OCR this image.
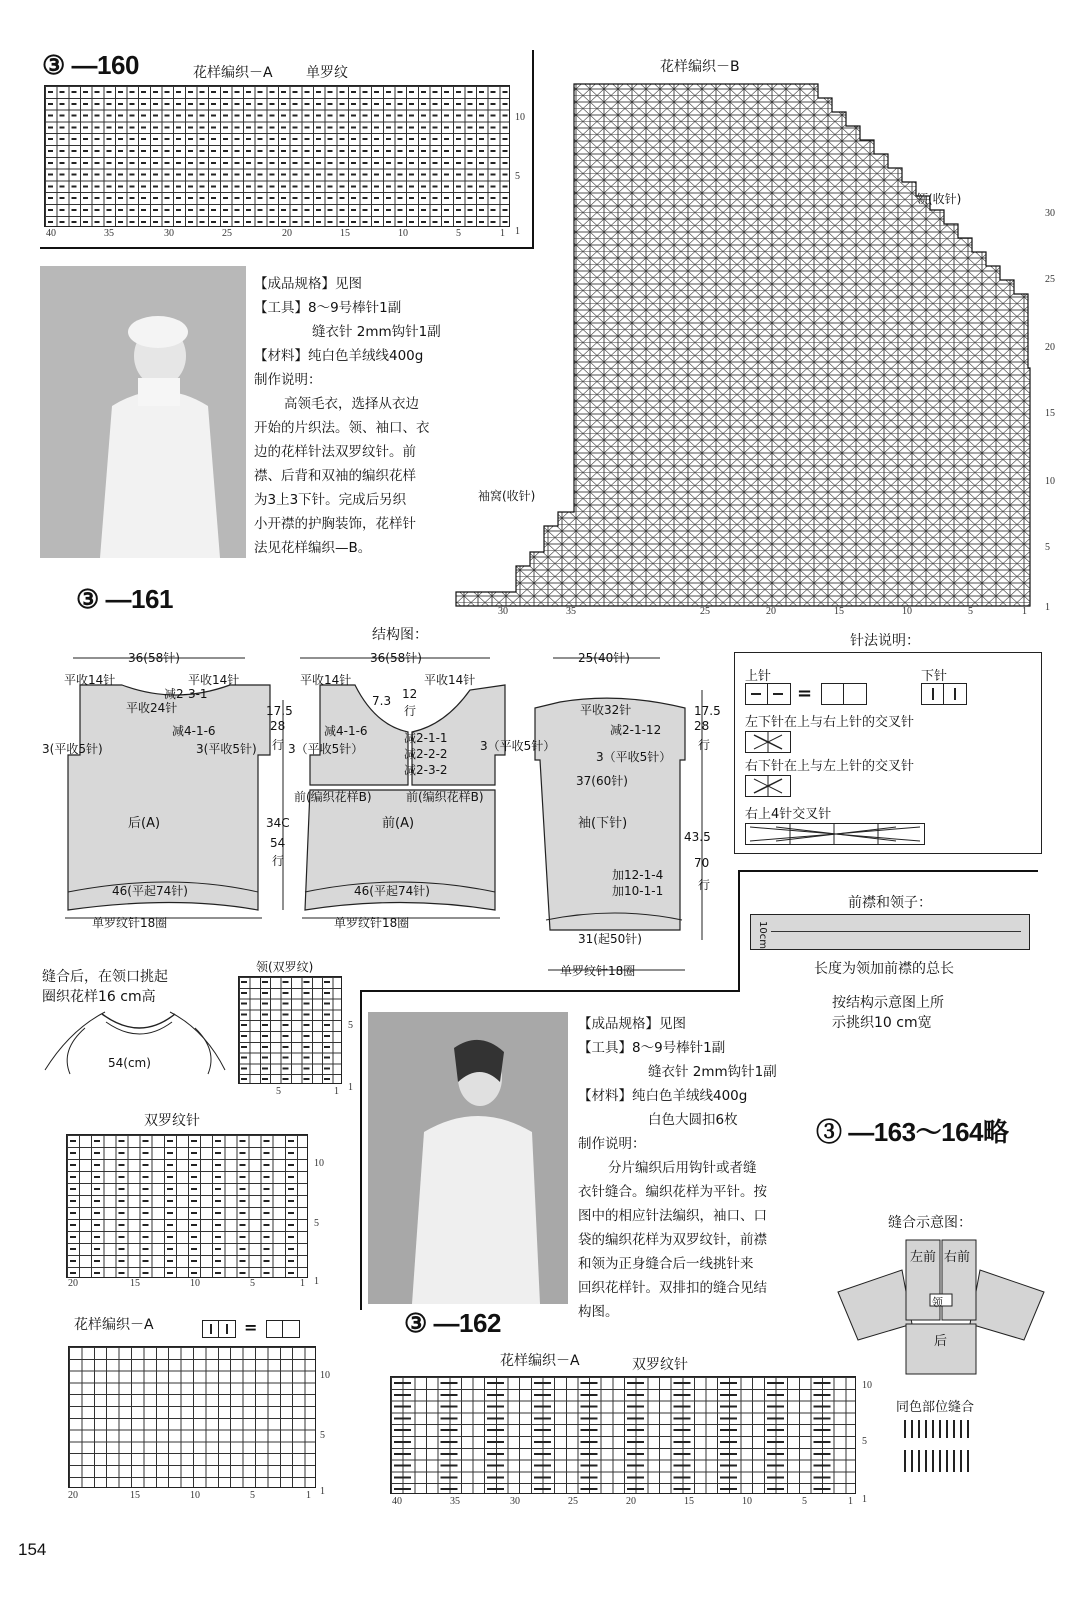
③ —160	花样编织－A 单罗纹
10
5
1
40	35	30	25	20	15	10	5	1
花样编织－B
30
25
20
15
10
5
1
30	35	25	20	15	10	5	1
领(收针)
袖窝(收针)

【成品规格】见图

【工具】8～9号棒针1副

缝衣针 2mm钩针1副

【材料】纯白色羊绒线400g

制作说明：

高领毛衣，选择从衣边

开始的片织法。领、袖口、衣

边的花样针法双罗纹针。前

襟、后背和双袖的编织花样

为3上3下针。完成后另织

小开襟的护胸装饰，花样针

法见花样编织—B。

③ —161
结构图：
36(58针)
平收14针	平收14针
减2-3-1
平收24针
减4-1-6
3(平收5针)	3(平收5针)
后(A)
46(平起74针)
单罗纹针18圈
17.5
28
行
34C
54
行
36(58针)
平收14针	平收14针
7.3 12
行
减4-1-6
3（平收5针）	3（平收5针）
减2-1-1
减2-2-2
减2-3-2
前(编织花样B)	前(编织花样B)
前(A)
46(平起74针)
单罗纹针18圈
25(40针)
平收32针
减2-1-12
3（平收5针）
37(60针)
袖(下针)
17.5
28
行
43.5
70
行
加12-1-4
加10-1-1
31(起50针)
单罗纹针18圈
针法说明：
上针	下针
=
左下针在上与右上针的交叉针
右下针在上与左上针的交叉针
右上4针交叉针
前襟和领子：
10cm
长度为领加前襟的总长
按结构示意图上所
示挑织10 cm宽
缝合后，在领口挑起
圈织花样16 cm高
54(cm)
领(双罗纹)
5
1
5	1
双罗纹针
10
5
1
20	15	10	5	1
花样编织－A	=
10
5
1
20	15	10	5	1

【成品规格】见图

【工具】8～9号棒针1副

缝衣针 2mm钩针1副

【材料】纯白色羊绒线400g

白色大圆扣6枚

制作说明：

分片编织后用钩针或者缝

衣针缝合。编织花样为平针。按

图中的相应针法编织，袖口、口

袋的编织花样为双罗纹针，前襟

和领为正身缝合后一线挑针来

回织花样针。双排扣的缝合见结

构图。

③ —162
③ —163～164略
缝合示意图：
左前 右前
领
后
同色部位缝合
花样编织－A	双罗纹针
10
5
1
40	35	30	25	20	15	10	5	1
154
